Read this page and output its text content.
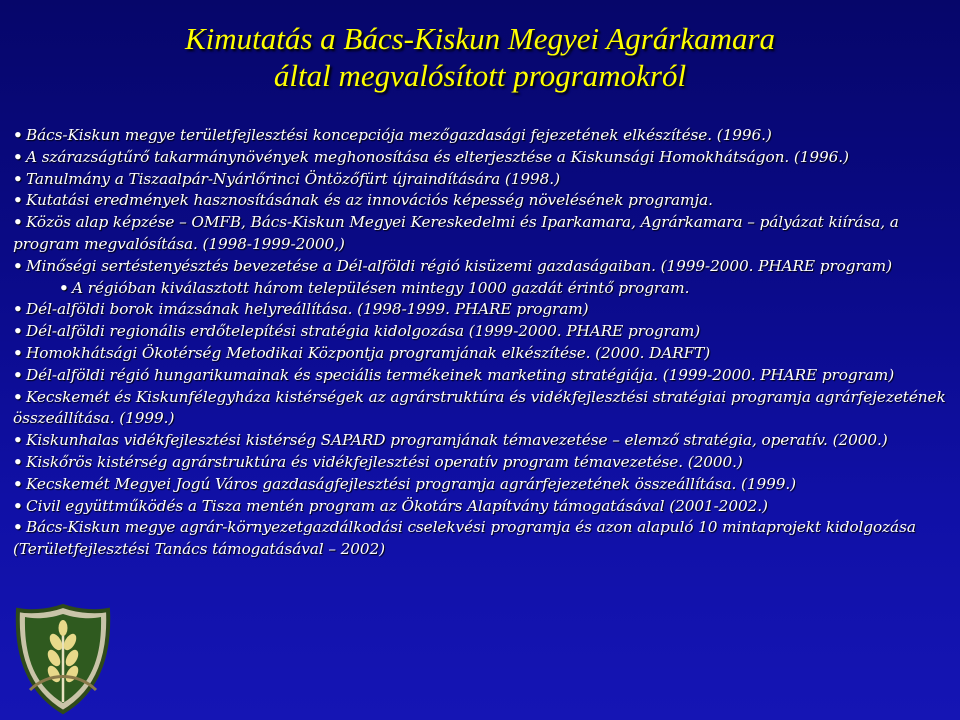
Kimutatás a Bács-Kiskun Megyei Agrárkamara
által megvalósított programokról
• Bács-Kiskun megye területfejlesztési koncepciója mezőgazdasági fejezetének elkészítése. (1996.)
• A szárazságtűrő takarmánynövények meghonosítása és elterjesztése a Kiskunsági Homokhátságon. (1996.)
• Tanulmány a Tiszaalpár-Nyárlőrinci Öntözőfürt újraindítására (1998.)
• Kutatási eredmények hasznosításának és az innovációs képesség növelésének programja.
• Közös alap képzése – OMFB, Bács-Kiskun Megyei Kereskedelmi és Iparkamara, Agrárkamara – pályázat kiírása, a program megvalósítása. (1998-1999-2000,)
• Minőségi sertéstenyésztés bevezetése a Dél-alföldi régió kisüzemi gazdaságaiban. (1999-2000. PHARE program)
• A régióban kiválasztott három településen mintegy 1000 gazdát érintő program.
• Dél-alföldi borok imázsának helyreállítása. (1998-1999. PHARE program)
• Dél-alföldi regionális erdőtelepítési stratégia kidolgozása (1999-2000. PHARE program)
• Homokhátsági Ökotérség Metodikai Központja programjának elkészítése. (2000. DARFT)
• Dél-alföldi régió hungarikumainak és speciális termékeinek marketing stratégiája. (1999-2000. PHARE program)
• Kecskemét és Kiskunfélegyháza kistérségek az agrárstruktúra és vidékfejlesztési stratégiai programja agrárfejezetének összeállítása. (1999.)
• Kiskunhalas vidékfejlesztési kistérség SAPARD programjának témavezetése – elemző stratégia, operatív. (2000.)
• Kiskőrös kistérség agrárstruktúra és vidékfejlesztési operatív program témavezetése. (2000.)
• Kecskemét Megyei Jogú Város gazdaságfejlesztési programja agrárfejezetének összeállítása. (1999.)
• Civil együttműködés a Tisza mentén program az Ökotárs Alapítvány támogatásával (2001-2002.)
• Bács-Kiskun megye agrár-környezetgazdálkodási cselekvési programja és azon alapuló 10 mintaprojekt kidolgozása (Területfejlesztési Tanács támogatásával – 2002)
